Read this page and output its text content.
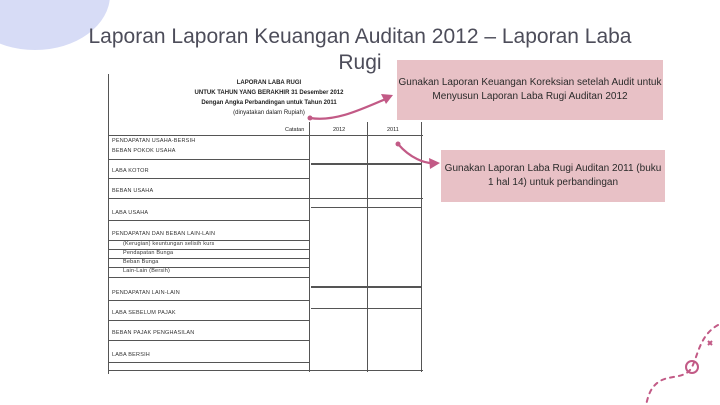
Laporan Laporan Keuangan Auditan 2012 – Laporan Laba
Rugi
LAPORAN LABA RUGI
UNTUK TAHUN YANG BERAKHIR 31 Desember 2012
Dengan Angka Perbandingan untuk Tahun 2011
(dinyatakan dalam Rupiah)
Catatan	2012	2011
PENDAPATAN USAHA-BERSIH
BEBAN POKOK USAHA
LABA KOTOR
BEBAN USAHA
LABA USAHA
PENDAPATAN DAN BEBAN LAIN-LAIN
(Kerugian) keuntungan selisih kurs
Pendapatan Bunga
Beban Bunga
Lain-Lain (Bersih)
PENDAPATAN LAIN-LAIN
LABA SEBELUM PAJAK
BEBAN PAJAK PENGHASILAN
LABA BERSIH
Gunakan Laporan Keuangan Koreksian setelah Audit untuk Menyusun Laporan Laba Rugi Auditan 2012
Gunakan Laporan Laba Rugi Auditan 2011 (buku 1 hal 14) untuk perbandingan
